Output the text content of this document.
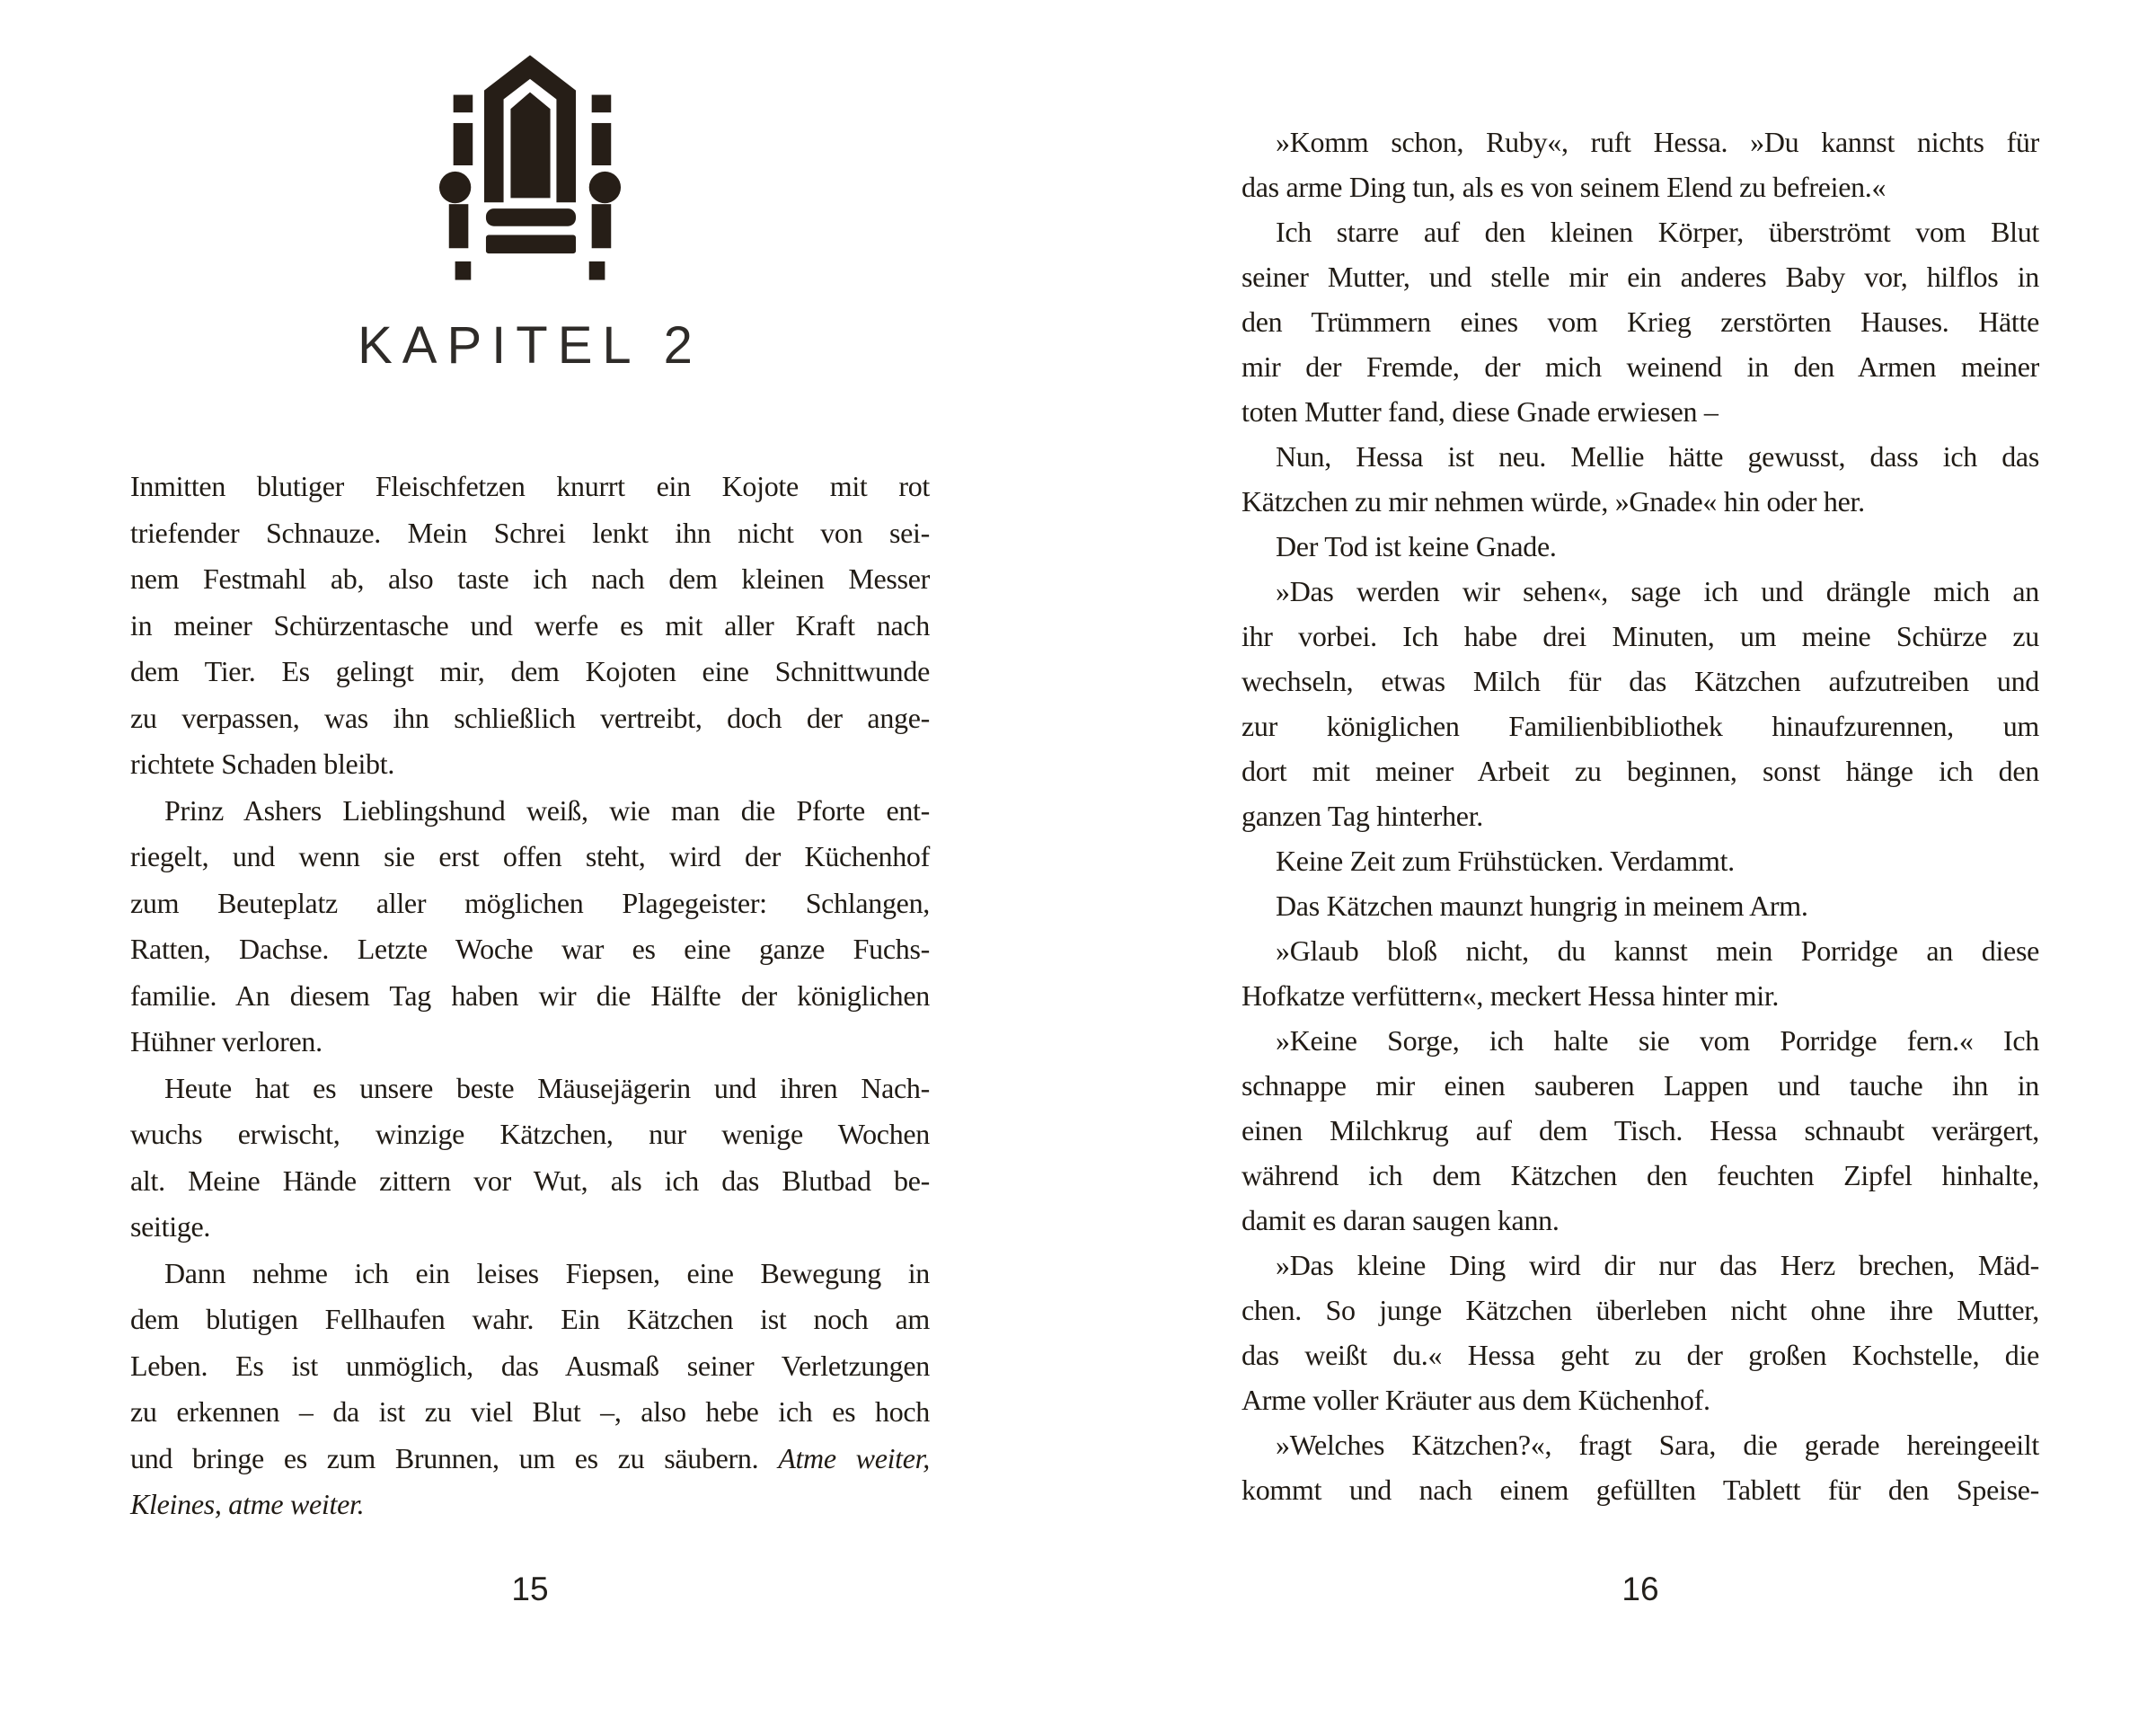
KAPITEL 2
Inmitten blutiger Fleischfetzen knurrt ein Kojote mit rot
triefender Schnauze. Mein Schrei lenkt ihn nicht von sei-
nem Festmahl ab, also taste ich nach dem kleinen Messer
in meiner Schürzentasche und werfe es mit aller Kraft nach
dem Tier. Es gelingt mir, dem Kojoten eine Schnittwunde
zu verpassen, was ihn schließlich vertreibt, doch der ange-
richtete Schaden bleibt.
Prinz Ashers Lieblingshund weiß, wie man die Pforte ent-
riegelt, und wenn sie erst offen steht, wird der Küchenhof
zum Beuteplatz aller möglichen Plagegeister: Schlangen,
Ratten, Dachse. Letzte Woche war es eine ganze Fuchs-
familie. An diesem Tag haben wir die Hälfte der königlichen
Hühner verloren.
Heute hat es unsere beste Mäusejägerin und ihren Nach-
wuchs erwischt, winzige Kätzchen, nur wenige Wochen
alt. Meine Hände zittern vor Wut, als ich das Blutbad be-
seitige.
Dann nehme ich ein leises Fiepsen, eine Bewegung in
dem blutigen Fellhaufen wahr. Ein Kätzchen ist noch am
Leben. Es ist unmöglich, das Ausmaß seiner Verletzungen
zu erkennen – da ist zu viel Blut –, also hebe ich es hoch
und bringe es zum Brunnen, um es zu säubern. Atme weiter,
Kleines, atme weiter.
15
»Komm schon, Ruby«, ruft Hessa. »Du kannst nichts für
das arme Ding tun, als es von seinem Elend zu befreien.«
Ich starre auf den kleinen Körper, überströmt vom Blut
seiner Mutter, und stelle mir ein anderes Baby vor, hilflos in
den Trümmern eines vom Krieg zerstörten Hauses. Hätte
mir der Fremde, der mich weinend in den Armen meiner
toten Mutter fand, diese Gnade erwiesen –
Nun, Hessa ist neu. Mellie hätte gewusst, dass ich das
Kätzchen zu mir nehmen würde, »Gnade« hin oder her.
Der Tod ist keine Gnade.
»Das werden wir sehen«, sage ich und drängle mich an
ihr vorbei. Ich habe drei Minuten, um meine Schürze zu
wechseln, etwas Milch für das Kätzchen aufzutreiben und
zur königlichen Familienbibliothek hinaufzurennen, um
dort mit meiner Arbeit zu beginnen, sonst hänge ich den
ganzen Tag hinterher.
Keine Zeit zum Frühstücken. Verdammt.
Das Kätzchen maunzt hungrig in meinem Arm.
»Glaub bloß nicht, du kannst mein Porridge an diese
Hofkatze verfüttern«, meckert Hessa hinter mir.
»Keine Sorge, ich halte sie vom Porridge fern.« Ich
schnappe mir einen sauberen Lappen und tauche ihn in
einen Milchkrug auf dem Tisch. Hessa schnaubt verärgert,
während ich dem Kätzchen den feuchten Zipfel hinhalte,
damit es daran saugen kann.
»Das kleine Ding wird dir nur das Herz brechen, Mäd-
chen. So junge Kätzchen überleben nicht ohne ihre Mutter,
das weißt du.« Hessa geht zu der großen Kochstelle, die
Arme voller Kräuter aus dem Küchenhof.
»Welches Kätzchen?«, fragt Sara, die gerade hereingeeilt
kommt und nach einem gefüllten Tablett für den Speise-
16
